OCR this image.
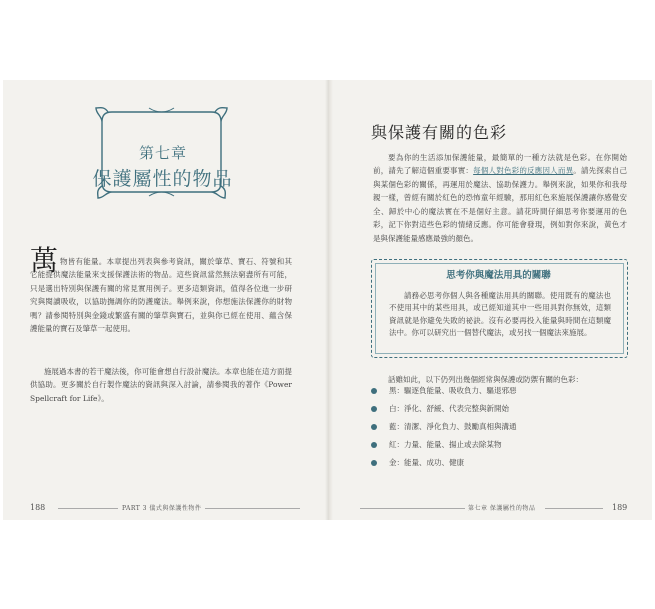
第七章
保護屬性的物品
萬 物皆有能量。本章提出列表與參考資訊，關於肇草、寶石、符號和其它能提供魔法能量來支援保護法術的物品。這些資訊當然無法窮盡所有可能，只是選出特別與保護有關的常見實用例子。更多這類資訊，值得各位進一步研究與閱讀吸收，以協助撫調你的防護魔法。舉例來說，你想施法保護你的財物嗎？請參閱特別與金錢或繁盛有關的肇草與寶石，並與你已經在使用、蘊含保護能量的寶石及肇草一起使用。

施展過本書的若干魔法後，你可能會想自行設計魔法。本章也能在這方面提供協助。更多關於自行製作魔法的資訊與深入討論，請參閱我的著作《Power Spellcraft for Life》。

188	PART 3 儀式與保護性物件
與保護有關的色彩

要為你的生活添加保護能量，最簡單的一種方法就是色彩。在你開始前，請先了解這個重要事實：每個人對色彩的反應因人而異。請先探索自己與某個色彩的關係，再運用於魔法、協助保護力。舉例來說，如果你和我母親一樣，曾經有關於紅色的恐怖童年經驗，那用紅色來施展保護讓你感覺安全、歸於中心的魔法實在不是個好主意。請花時間仔細思考你要運用的色彩，記下你對這些色彩的情緒反應。你可能會發現，例如對你來說，黃色才是與保護能量感應最強的顏色。

思考你與魔法用具的關聯

請務必思考你個人與各種魔法用具的關聯。使用既有的魔法也不使用其中的某些用具，或已經知道其中一些用具對你無效，這類資訊就是你避免失敗的祕訣。沒有必要再投入能量與時間在這類魔法中。你可以研究出一個替代魔法，或另找一個魔法來施展。

話雖如此，以下仍列出幾個經常與保護或防禦有關的色彩：

黑：驅逐負能量、吸收負力、驅退邪惡
白：淨化、舒緩、代表完整與新開始
藍：清潔、淨化負力、鼓勵真相與溝通
紅：力量、能量、揚止或去除某物
金：能量、成功、健康
第七章 保護屬性的物品	189
